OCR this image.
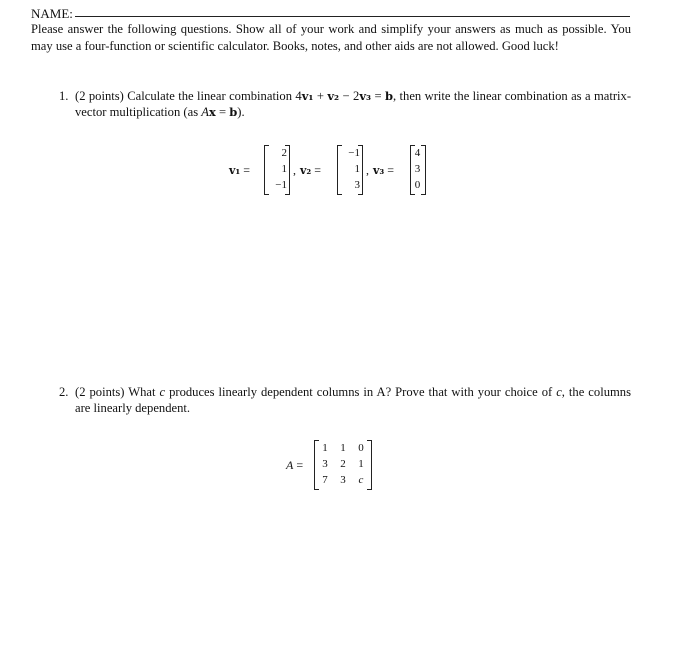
NAME:
Please answer the following questions. Show all of your work and simplify your answers as much as possible. You may use a four-function or scientific calculator. Books, notes, and other aids are not allowed. Good luck!
1. (2 points) Calculate the linear combination 4v₁ + v₂ − 2v₃ = b, then write the linear combination as a matrix-vector multiplication (as Ax = b).
v₁ =
2
1
−1
, v₂ =
−1
1
3
, v₃ =
4
3
0
2. (2 points) What c produces linearly dependent columns in A? Prove that with your choice of c, the columns are linearly dependent.
A =
1	1	0
3	2	1
7	3	c
